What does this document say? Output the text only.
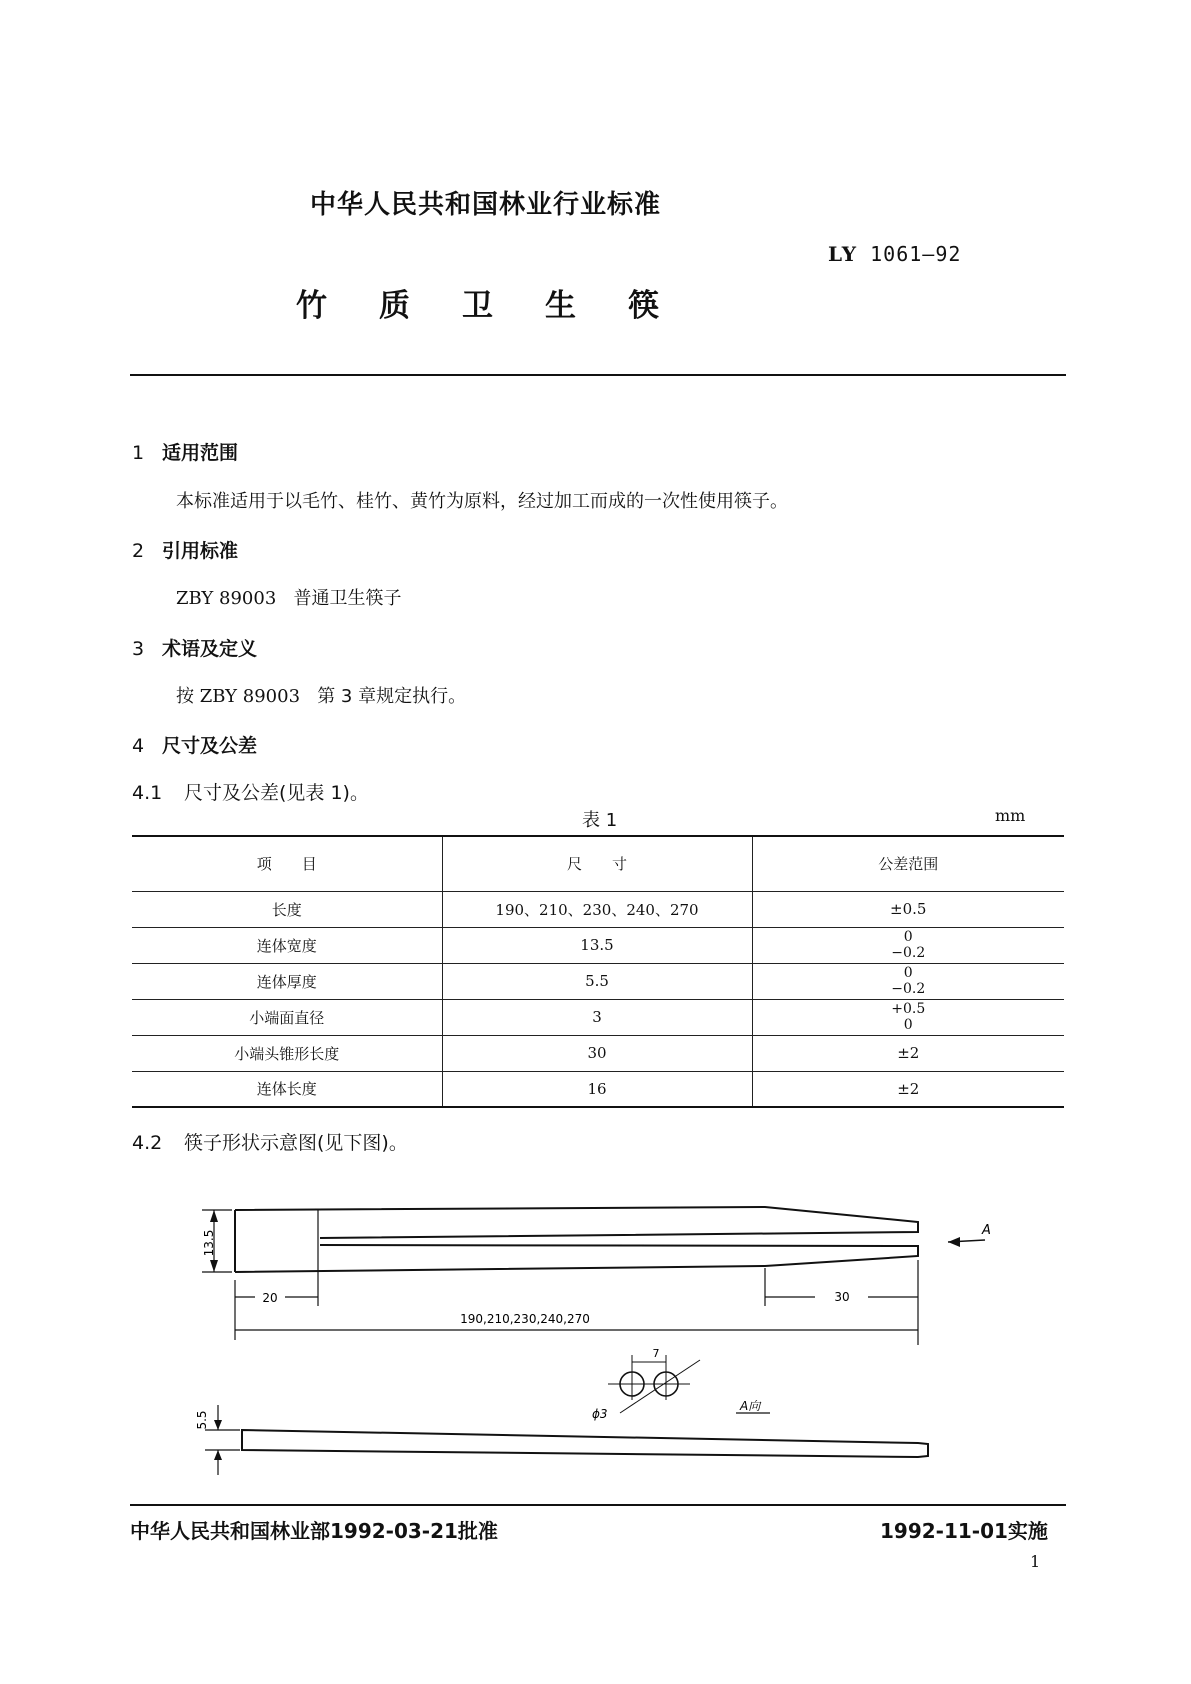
中华人民共和国林业行业标准
LY 1061—92
竹质卫生筷
1 适用范围
本标准适用于以毛竹、桂竹、黄竹为原料，经过加工而成的一次性使用筷子。
2 引用标准
ZBY 89003 普通卫生筷子
3 术语及定义
按 ZBY 89003 第 3 章规定执行。
4 尺寸及公差
4.1 尺寸及公差(见表 1)。
表 1	mm
项　　目	尺　　寸	公差范围
长度	190、210、230、240、270	±0.5
连体宽度	13.5	0
−0.2
连体厚度	5.5	0
−0.2
小端面直径	3	+0.5
0
小端头锥形长度	30	±2
连体长度	16	±2
4.2 筷子形状示意图(见下图)。
13.5
20	30
190,210,230,240,270
A
7
ϕ3
A向
5.5
中华人民共和国林业部1992-03-21批准	1992-11-01实施
1
